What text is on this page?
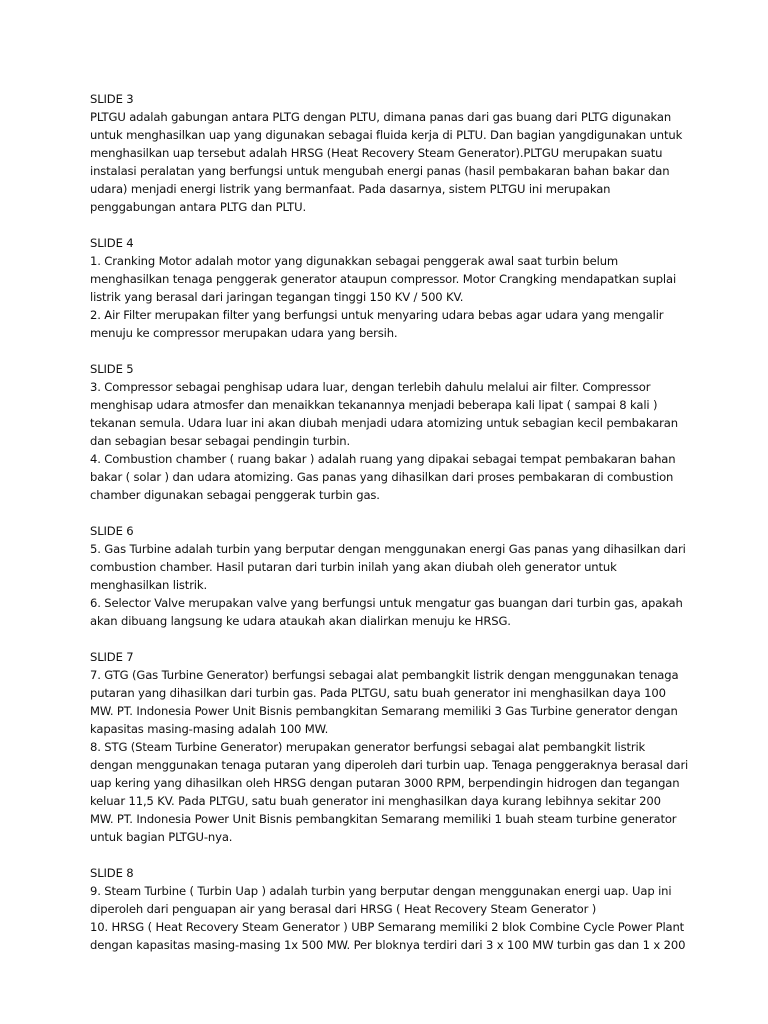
SLIDE 3
PLTGU adalah gabungan antara PLTG dengan PLTU, dimana panas dari gas buang dari PLTG digunakan
untuk menghasilkan uap yang digunakan sebagai fluida kerja di PLTU. Dan bagian yangdigunakan untuk
menghasilkan uap tersebut adalah HRSG (Heat Recovery Steam Generator).PLTGU merupakan suatu
instalasi peralatan yang berfungsi untuk mengubah energi panas (hasil pembakaran bahan bakar dan
udara) menjadi energi listrik yang bermanfaat. Pada dasarnya, sistem PLTGU ini merupakan
penggabungan antara PLTG dan PLTU.
SLIDE 4
1. Cranking Motor adalah motor yang digunakkan sebagai penggerak awal saat turbin belum
menghasilkan tenaga penggerak generator ataupun compressor. Motor Crangking mendapatkan suplai
listrik yang berasal dari jaringan tegangan tinggi 150 KV / 500 KV.
2. Air Filter merupakan filter yang berfungsi untuk menyaring udara bebas agar udara yang mengalir
menuju ke compressor merupakan udara yang bersih.
SLIDE 5
3. Compressor sebagai penghisap udara luar, dengan terlebih dahulu melalui air filter. Compressor
menghisap udara atmosfer dan menaikkan tekanannya menjadi beberapa kali lipat ( sampai 8 kali )
tekanan semula. Udara luar ini akan diubah menjadi udara atomizing untuk sebagian kecil pembakaran
dan sebagian besar sebagai pendingin turbin.
4. Combustion chamber ( ruang bakar ) adalah ruang yang dipakai sebagai tempat pembakaran bahan
bakar ( solar ) dan udara atomizing. Gas panas yang dihasilkan dari proses pembakaran di combustion
chamber digunakan sebagai penggerak turbin gas.
SLIDE 6
5. Gas Turbine adalah turbin yang berputar dengan menggunakan energi Gas panas yang dihasilkan dari
combustion chamber. Hasil putaran dari turbin inilah yang akan diubah oleh generator untuk
menghasilkan listrik.
6. Selector Valve merupakan valve yang berfungsi untuk mengatur gas buangan dari turbin gas, apakah
akan dibuang langsung ke udara ataukah akan dialirkan menuju ke HRSG.
SLIDE 7
7. GTG (Gas Turbine Generator) berfungsi sebagai alat pembangkit listrik dengan menggunakan tenaga
putaran yang dihasilkan dari turbin gas. Pada PLTGU, satu buah generator ini menghasilkan daya 100
MW. PT. Indonesia Power Unit Bisnis pembangkitan Semarang memiliki 3 Gas Turbine generator dengan
kapasitas masing-masing adalah 100 MW.
8. STG (Steam Turbine Generator) merupakan generator berfungsi sebagai alat pembangkit listrik
dengan menggunakan tenaga putaran yang diperoleh dari turbin uap. Tenaga penggeraknya berasal dari
uap kering yang dihasilkan oleh HRSG dengan putaran 3000 RPM, berpendingin hidrogen dan tegangan
keluar 11,5 KV. Pada PLTGU, satu buah generator ini menghasilkan daya kurang lebihnya sekitar 200
MW. PT. Indonesia Power Unit Bisnis pembangkitan Semarang memiliki 1 buah steam turbine generator
untuk bagian PLTGU-nya.
SLIDE 8
9. Steam Turbine ( Turbin Uap ) adalah turbin yang berputar dengan menggunakan energi uap. Uap ini
diperoleh dari penguapan air yang berasal dari HRSG ( Heat Recovery Steam Generator )
10. HRSG ( Heat Recovery Steam Generator ) UBP Semarang memiliki 2 blok Combine Cycle Power Plant
dengan kapasitas masing-masing 1x 500 MW. Per bloknya terdiri dari 3 x 100 MW turbin gas dan 1 x 200
